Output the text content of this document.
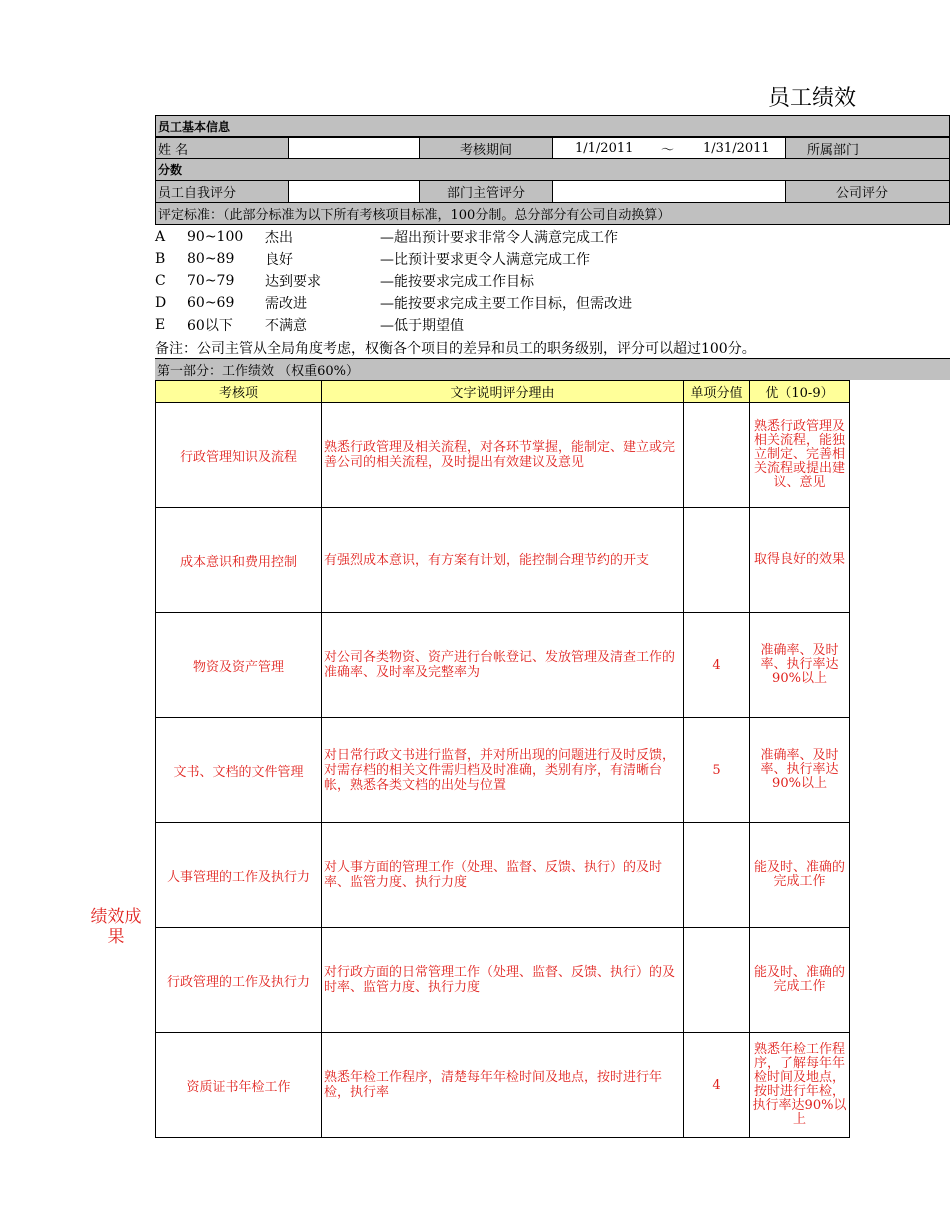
员工绩效
员工基本信息
姓 名	考核期间	1/1/2011 ～ 1/31/2011	所属部门
分数
员工自我评分	部门主管评分	公司评分
评定标准：（此部分标准为以下所有考核项目标准，100分制。总分部分有公司自动换算）
A 90~100 杰出	—超出预计要求非常令人满意完成工作
B 80~89 良好	—比预计要求更令人满意完成工作
C 70~79 达到要求	—能按要求完成工作目标
D 60~69 需改进	—能按要求完成主要工作目标，但需改进
E 60以下 不满意	—低于期望值
备注：公司主管从全局角度考虑，权衡各个项目的差异和员工的职务级别，评分可以超过100分。
第一部分：工作绩效 （权重60%）
绩效成果
考核项	文字说明评分理由	单项分值	优（10-9）
行政管理知识及流程	熟悉行政管理及相关流程，对各环节掌握，能制定、建立或完善公司的相关流程，及时提出有效建议及意见		熟悉行政管理及相关流程，能独立制定、完善相关流程或提出建议、意见
成本意识和费用控制	有强烈成本意识，有方案有计划，能控制合理节约的开支		取得良好的效果
物资及资产管理	对公司各类物资、资产进行台帐登记、发放管理及清查工作的准确率、及时率及完整率为	4	准确率、及时率、执行率达90%以上
文书、文档的文件管理	对日常行政文书进行监督，并对所出现的问题进行及时反馈，对需存档的相关文件需归档及时准确，类别有序，有清晰台帐，熟悉各类文档的出处与位置	5	准确率、及时率、执行率达90%以上
人事管理的工作及执行力	对人事方面的管理工作（处理、监督、反馈、执行）的及时率、监管力度、执行力度		能及时、准确的完成工作
行政管理的工作及执行力	对行政方面的日常管理工作（处理、监督、反馈、执行）的及时率、监管力度、执行力度		能及时、准确的完成工作
资质证书年检工作	熟悉年检工作程序，清楚每年年检时间及地点，按时进行年检，执行率	4	熟悉年检工作程序，了解每年年检时间及地点，按时进行年检，执行率达90%以上
